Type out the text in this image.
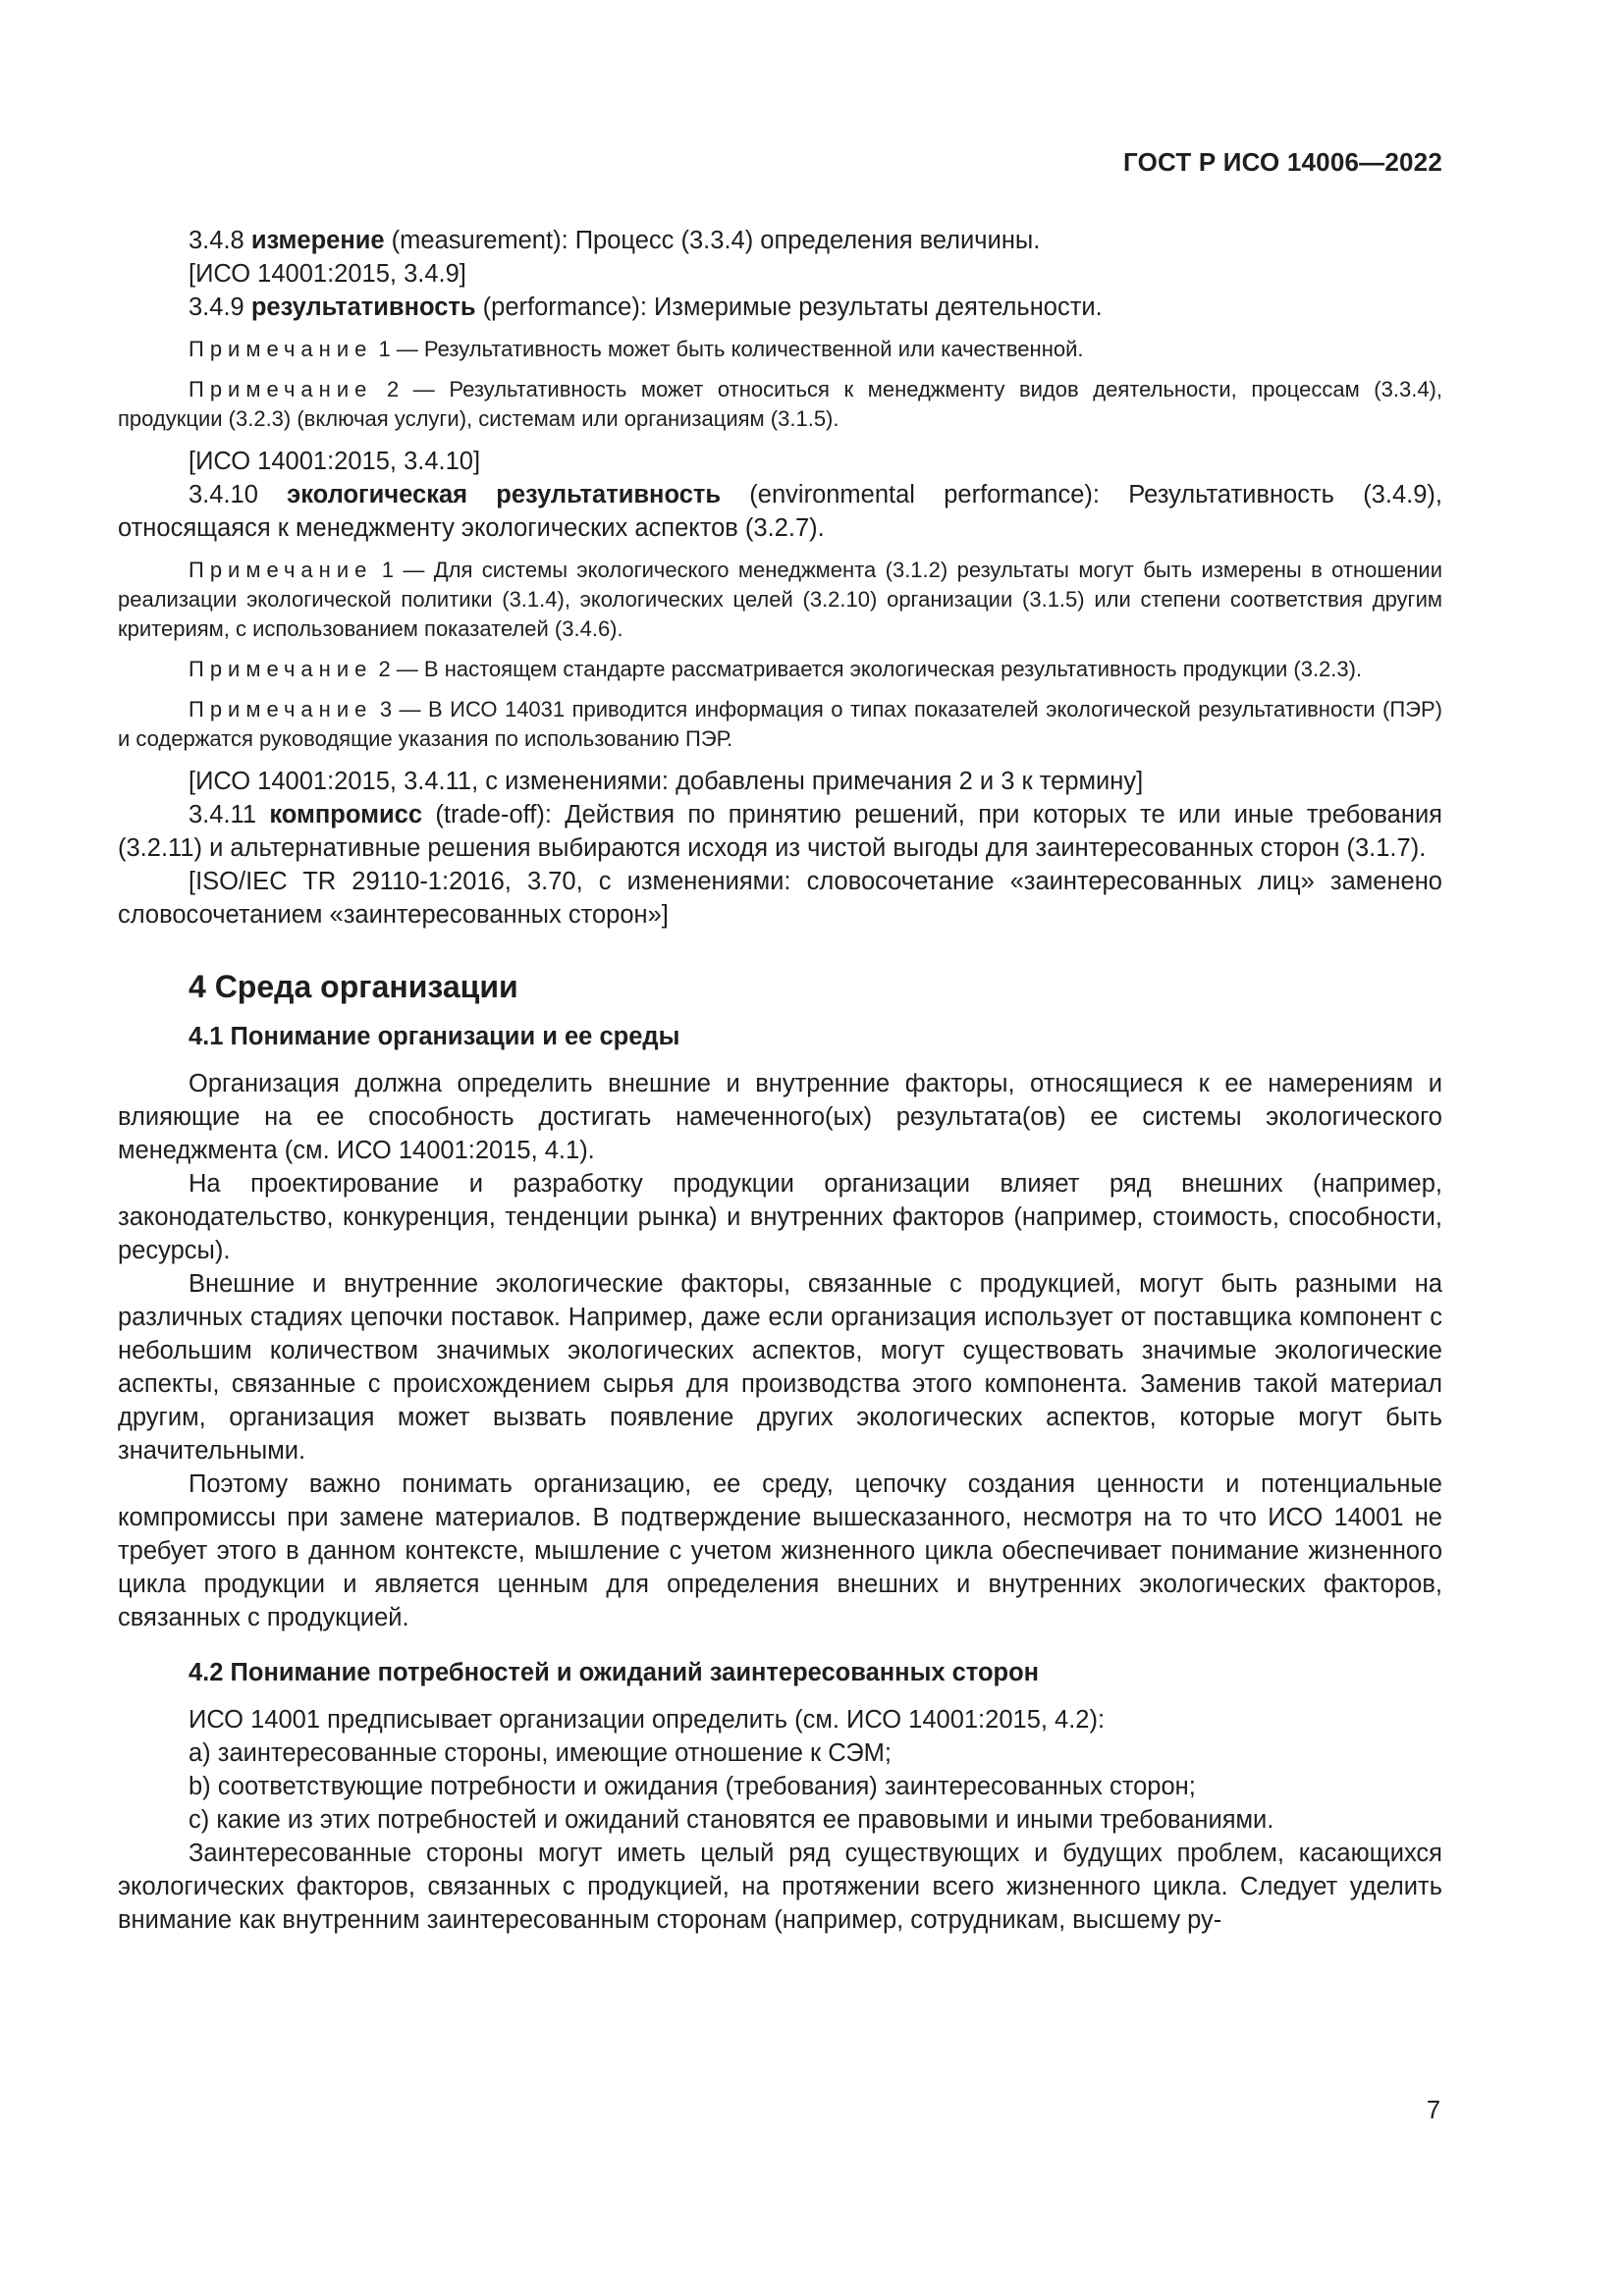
ГОСТ Р ИСО 14006—2022

3.4.8 измерение (measurement): Процесс (3.3.4) определения величины.

[ИСО 14001:2015, 3.4.9]

3.4.9 результативность (performance): Измеримые результаты деятельности.

Примечание 1 — Результативность может быть количественной или качественной.

Примечание 2 — Результативность может относиться к менеджменту видов деятельности, процессам (3.3.4), продукции (3.2.3) (включая услуги), системам или организациям (3.1.5).

[ИСО 14001:2015, 3.4.10]

3.4.10 экологическая результативность (environmental performance): Результативность (3.4.9), относящаяся к менеджменту экологических аспектов (3.2.7).

Примечание 1 — Для системы экологического менеджмента (3.1.2) результаты могут быть измерены в отношении реализации экологической политики (3.1.4), экологических целей (3.2.10) организации (3.1.5) или степени соответствия другим критериям, с использованием показателей (3.4.6).

Примечание 2 — В настоящем стандарте рассматривается экологическая результативность продукции (3.2.3).

Примечание 3 — В ИСО 14031 приводится информация о типах показателей экологической результативности (ПЭР) и содержатся руководящие указания по использованию ПЭР.

[ИСО 14001:2015, 3.4.11, с изменениями: добавлены примечания 2 и 3 к термину]

3.4.11 компромисс (trade-off): Действия по принятию решений, при которых те или иные требования (3.2.11) и альтернативные решения выбираются исходя из чистой выгоды для заинтересованных сторон (3.1.7).

[ISO/IEC TR 29110-1:2016, 3.70, с изменениями: словосочетание «заинтересованных лиц» заменено словосочетанием «заинтересованных сторон»]

4 Среда организации
4.1 Понимание организации и ее среды

Организация должна определить внешние и внутренние факторы, относящиеся к ее намерениям и влияющие на ее способность достигать намеченного(ых) результата(ов) ее системы экологического менеджмента (см. ИСО 14001:2015, 4.1).

На проектирование и разработку продукции организации влияет ряд внешних (например, законодательство, конкуренция, тенденции рынка) и внутренних факторов (например, стоимость, способности, ресурсы).

Внешние и внутренние экологические факторы, связанные с продукцией, могут быть разными на различных стадиях цепочки поставок. Например, даже если организация использует от поставщика компонент с небольшим количеством значимых экологических аспектов, могут существовать значимые экологические аспекты, связанные с происхождением сырья для производства этого компонента. Заменив такой материал другим, организация может вызвать появление других экологических аспектов, которые могут быть значительными.

Поэтому важно понимать организацию, ее среду, цепочку создания ценности и потенциальные компромиссы при замене материалов. В подтверждение вышесказанного, несмотря на то что ИСО 14001 не требует этого в данном контексте, мышление с учетом жизненного цикла обеспечивает понимание жизненного цикла продукции и является ценным для определения внешних и внутренних экологических факторов, связанных с продукцией.

4.2 Понимание потребностей и ожиданий заинтересованных сторон

ИСО 14001 предписывает организации определить (см. ИСО 14001:2015, 4.2):

a) заинтересованные стороны, имеющие отношение к СЭМ;

b) соответствующие потребности и ожидания (требования) заинтересованных сторон;

c) какие из этих потребностей и ожиданий становятся ее правовыми и иными требованиями.

Заинтересованные стороны могут иметь целый ряд существующих и будущих проблем, касающихся экологических факторов, связанных с продукцией, на протяжении всего жизненного цикла. Следует уделить внимание как внутренним заинтересованным сторонам (например, сотрудникам, высшему ру-

7
